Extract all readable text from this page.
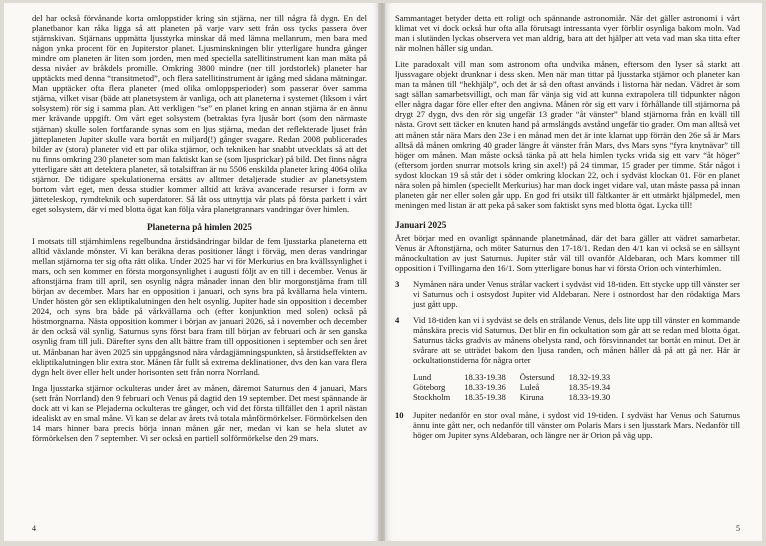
del har också förvånande korta omloppstider kring sin stjärna, ner till några få dygn. En del planetbanor kan råka ligga så att planeten på varje varv sett från oss tycks passera över stjärnskivan. Stjärnans uppmätta ljusstyrka minskar då med lämna mellanrum, men bara med någon ynka procent för en Jupiterstor planet. Ljusminskningen blir ytterligare hundra gånger mindre om planeten är liten som jorden, men med speciella satellitinstrument kan man mäta på dessa nivåer av bråkdels promille. Omkring 3800 mindre (ner till jordstorlek) planeter har upptäckts med denna “transitmetod”, och flera satellitinstrument är igång med sådana mätningar. Man upptäcker ofta flera planeter (med olika omloppsperioder) som passerar över samma stjärna, vilket visar (bäde att planetsystem är vanliga, och att planeterna i systemet (liksom i vårt solsystem) rör sig i samma plan. Att verkligen “se” en planet kring en annan stjärna är en ännu mer krävande uppgift. Om vårt eget solsystem (betraktas fyra ljusår bort (som den närmaste stjärnan) skulle solen fortfarande synas som en ljus stjärna, medan det reflekterade ljuset från jätteplaneten Jupiter skulle vara bortåt en miljard(!) gånger svagare. Redan 2008 publicerades bilder av (stora) planeter vid ett par olika stjärnor, och tekniken har snabbt utvecklats så att det nu finns omkring 230 planeter som man faktiskt kan se (som ljusprickar) på bild. Det finns några ytterligare sätt att detektera planeter, så totalsiffran är nu 5506 enskilda planeter kring 4064 olika stjärnor. De tidigare spekulationerna ersätts av alltmer detaljerade studier av planetsystem bortom vårt eget, men dessa studier kommer alltid att kräva avancerade resurser i form av jätteteleskop, rymdteknik och superdatorer. Så låt oss uttnyttja vår plats på första parkett i vårt eget solsystem, där vi med blotta ögat kan följa våra planetgrannars vandringar över himlen.

Planeterna på himlen 2025

I motsats till stjärnhimlens regelbundna årstidsändringar bildar de fem ljusstarka planeterna ett alltid växlande mönster. Vi kan beräkna deras positioner långt i förväg, men deras vandringar mellan stjärnorna ter sig ofta rätt olika. Under 2025 har vi för Merkurius en bra kvällssynlighet i mars, och sen kommer en första morgonsynlighet i augusti följt av en till i december. Venus är aftonstjärna fram till april, sen osynlig några månader innan den blir morgonstjärna fram till början av december. Mars har en opposition i januari, och syns bra på kvällarna hela vintern. Under hösten gör sen ekliptikalutningen den helt osynlig. Jupiter hade sin opposition i december 2024, och syns bra både på vårkvällarna och (efter konjunktion med solen) också på höstmorgnarna. Nästa opposition kommer i början av januari 2026, så i november och december är den också väl synlig. Saturnus syns först bara fram till början av februari och är sen ganska osynlig fram till juli. Därefter syns den allt bättre fram till oppositionen i september och sen året ut. Månbanan har även 2025 sin uppgångsnod nära vårdagjämningspunkten, så årstidseffekten av ekliptikalutningen blir extra stor. Månen får fullt så extrema deklinationer, dvs den kan vara flera dygn helt över eller helt under horisonten sett från norra Norrland.

Inga ljusstarka stjärnor ockulteras under året av månen, däremot Saturnus den 4 januari, Mars (sett från Norrland) den 9 februari och Venus på dagtid den 19 september. Det mest spännande är dock att vi kan se Plejaderna ockulteras tre gånger, och vid det första tillfället den 1 april nästan idealiskt av en smal måne. Vi kan se delar av årets två totala månförmörkelser. Förmörkelsen den 14 mars hinner bara precis börja innan månen går ner, medan vi kan se hela slutet av förmörkelsen den 7 september. Vi ser också en partiell solförmörkelse den 29 mars.

4

Sammantaget betyder detta ett roligt och spännande astronomiår. När det gäller astronomi i vårt klimat vet vi dock också hur ofta alla förutsagt intressanta vyer förblir osynliga bakom moln. Vad man i slutänden lyckas observera vet man aldrig, bara att det hjälper att veta vad man ska titta efter när molnen håller sig undan.

Lite paradoxalt vill man som astronom ofta undvika månen, eftersom den lyser så starkt att ljussvagare objekt drunknar i dess sken. Men när man tittar på ljusstarka stjärnor och planeter kan man ta månen till “hekhjälp”, och det är så den oftast används i listorna här nedan. Vädret är som sagt sällan samarbetsvilligt, och man får vänja sig vid att kunna extrapolera till tidpunkter någon eller några dagar före eller efter den angivna. Månen rör sig ett varv i förhållande till stjärnorna på drygt 27 dygn, dvs den rör sig ungefär 13 grader “åt vänster” bland stjärnorna från en kväll till nästa. Grovt sett täcker en knuten hand på armslängds avstånd ungefär tio grader. Om man alltså vet att månen står nära Mars den 23e i en månad men det är inte klarnat upp förrän den 26e så är Mars alltså då månen omkring 40 grader längre åt vänster från Mars, dvs Mars syns “fyra knytnävar” till höger om månen. Man måste också tänka på att hela himlen tycks vrida sig ett varv “åt höger” (eftersom jorden snurrar motsols kring sin axel!) på 24 timmar, 15 grader per timme. Står något i sydost klockan 19 så står det i söder omkring klockan 22, och i sydväst klockan 01. För en planet nära solen på himlen (speciellt Merkurius) har man dock inget vidare val, utan måste passa på innan planeten går ner eller solen går upp. En god fri utsikt till fältkanter är ett utmärkt hjälpmedel, men meningen med listan är att peka på saker som faktiskt syns med blotta ögat. Lycka till!

Januari 2025

Året börjar med en ovanligt spännande planetmånad, där det bara gäller att vädret samarbetar. Venus är Aftonstjärna, och möter Saturnus den 17-18/1. Redan den 4/1 kan vi också se en sällsynt månockultation av just Saturnus. Jupiter står väl till ovanför Aldebaran, och Mars kommer till opposition i Tvillingarna den 16/1. Som ytterligare bonus har vi första Orion och vinterhimlen.

3	Nymånen nära under Venus strålar vackert i sydväst vid 18-tiden. Ett stycke upp till vänster ser vi Saturnus och i ostsydost Jupiter vid Aldebaran. Nere i ostnordost har den rödaktiga Mars just gått upp.
4	Vid 18-tiden kan vi i sydväst se dels en strålande Venus, dels lite upp till vänster en kommande månskära precis vid Saturnus. Det blir en fin ockultation som går att se redan med blotta ögat. Saturnus täcks gradvis av månens obelysta rand, och försvinnandet tar bortåt en minut. Det är svårare att se utträdet bakom den ljusa randen, och månen håller då på att gå ner. Här är ockultationstiderna för några orter
Lund	18.33-19.38	Östersund	18.32-19.33
Göteborg	18.33-19.36	Luleå	18.35-19.34
Stockholm	18.35-19.38	Kiruna	18.33-19.30
10	Jupiter nedanför en stor oval måne, i sydost vid 19-tiden. I sydväst har Venus och Saturnus ännu inte gått ner, och nedanför till vänster om Polaris Mars i sen ljusstark Mars. Nedanför till höger om Jupiter syns Aldebaran, och längre ner är Orion på väg upp.
5
